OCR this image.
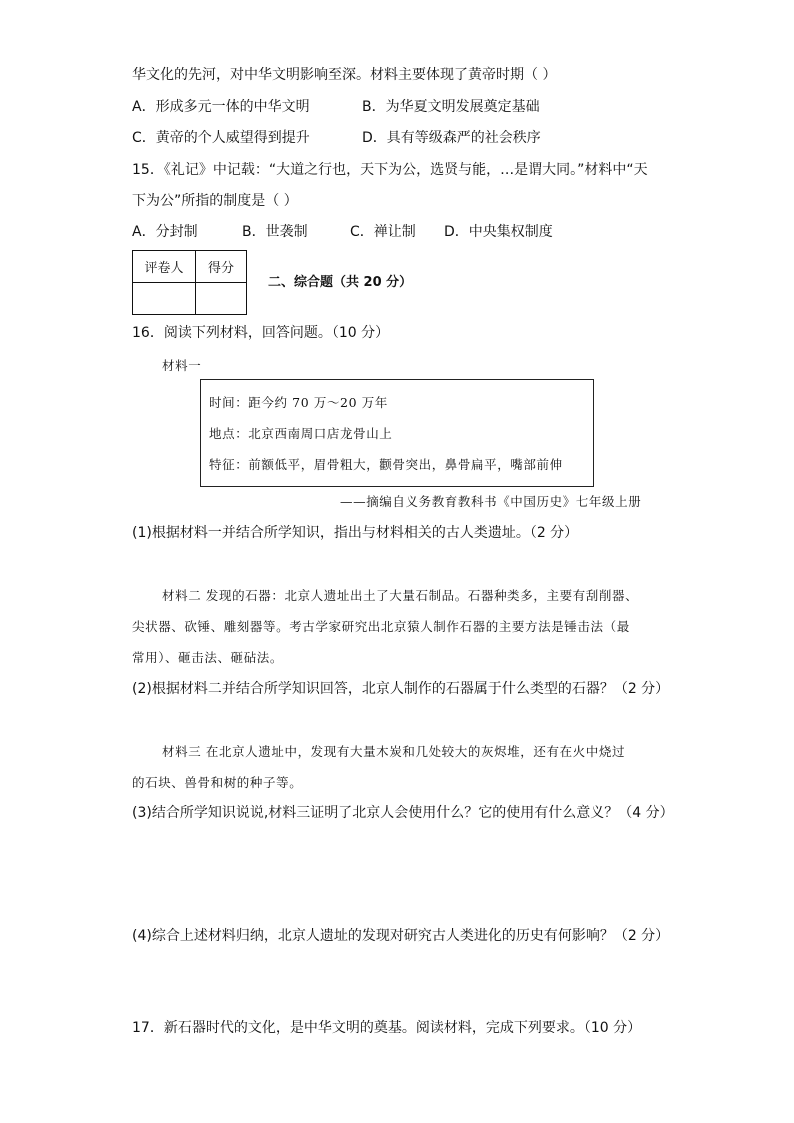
华文化的先河，对中华文明影响至深。材料主要体现了黄帝时期（ ）
A．形成多元一体的中华文明	B．为华夏文明发展奠定基础
C．黄帝的个人威望得到提升	D．具有等级森严的社会秩序
15．《礼记》中记载：“大道之行也，天下为公，选贤与能，…是谓大同。”材料中“天
下为公”所指的制度是（ ）
A．分封制	B．世袭制	C．禅让制 D．中央集权制度
评卷人	得分

二、综合题（共 20 分）
16．阅读下列材料，回答问题。（10 分）
材料一
时间：距今约 70 万～20 万年
地点：北京西南周口店龙骨山上
特征：前额低平，眉骨粗大，颧骨突出，鼻骨扁平，嘴部前伸
——摘编自义务教育教科书《中国历史》七年级上册
(1)根据材料一并结合所学知识，指出与材料相关的古人类遗址。（2 分）
材料二 发现的石器：北京人遗址出土了大量石制品。石器种类多，主要有刮削器、
尖状器、砍锤、雕刻器等。考古学家研究出北京猿人制作石器的主要方法是锤击法（最
常用）、砸击法、砸砧法。
(2)根据材料二并结合所学知识回答，北京人制作的石器属于什么类型的石器？（2 分）
材料三 在北京人遗址中，发现有大量木炭和几处较大的灰烬堆，还有在火中烧过
的石块、兽骨和树的种子等。
(3)结合所学知识说说,材料三证明了北京人会使用什么？它的使用有什么意义？（4 分）
(4)综合上述材料归纳，北京人遗址的发现对研究古人类进化的历史有何影响？（2 分）
17．新石器时代的文化，是中华文明的奠基。阅读材料，完成下列要求。（10 分）
